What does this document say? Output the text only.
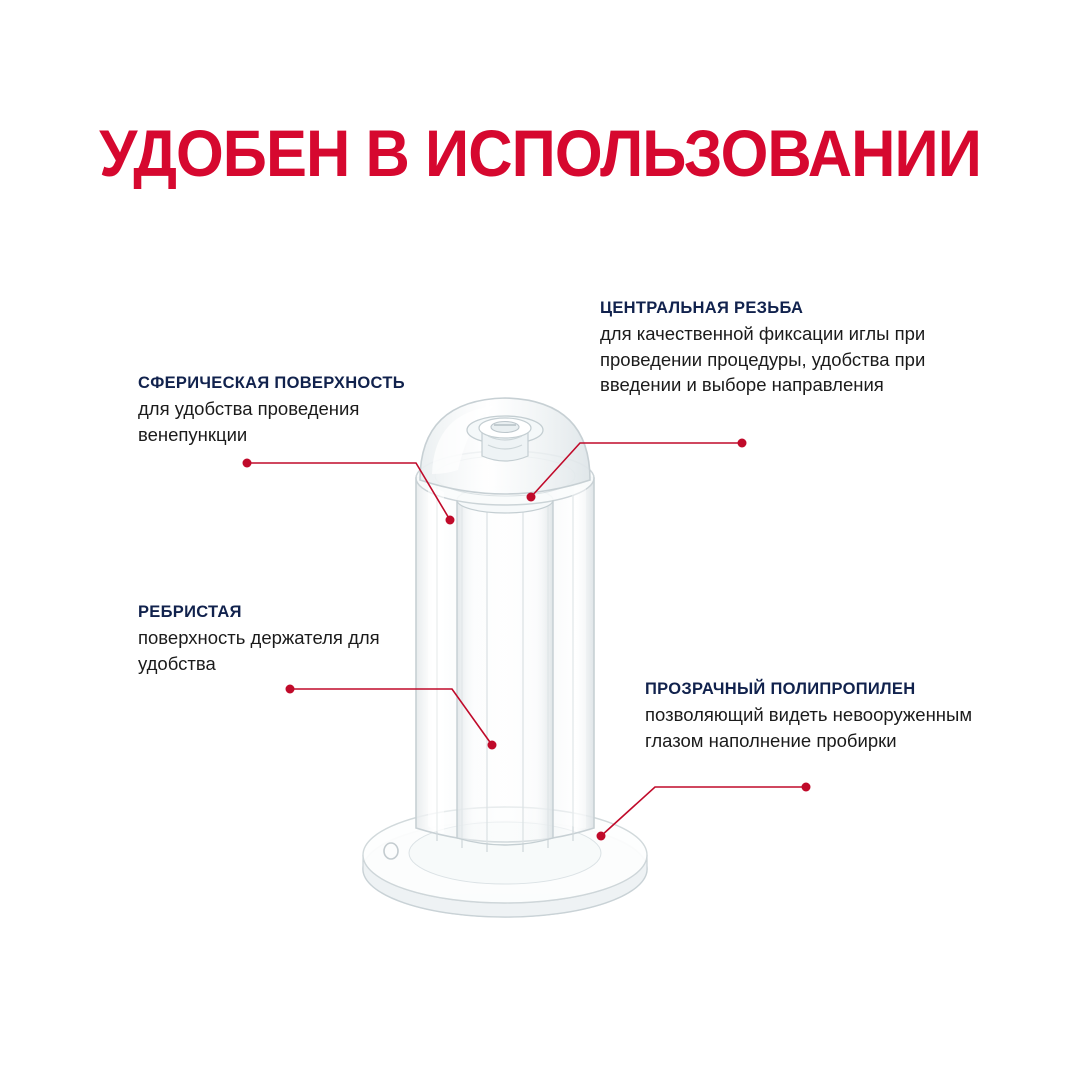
УДОБЕН В ИСПОЛЬЗОВАНИИ

СФЕРИЧЕСКАЯ ПОВЕРХНОСТЬ

для удобства проведения венепункции

ЦЕНТРАЛЬНАЯ РЕЗЬБА

для качественной фиксации иглы при проведении процедуры, удобства при введении и выборе направления

РЕБРИСТАЯ

поверхность держателя для удобства

ПРОЗРАЧНЫЙ ПОЛИПРОПИЛЕН

позволяющий видеть невооруженным глазом наполнение пробирки
